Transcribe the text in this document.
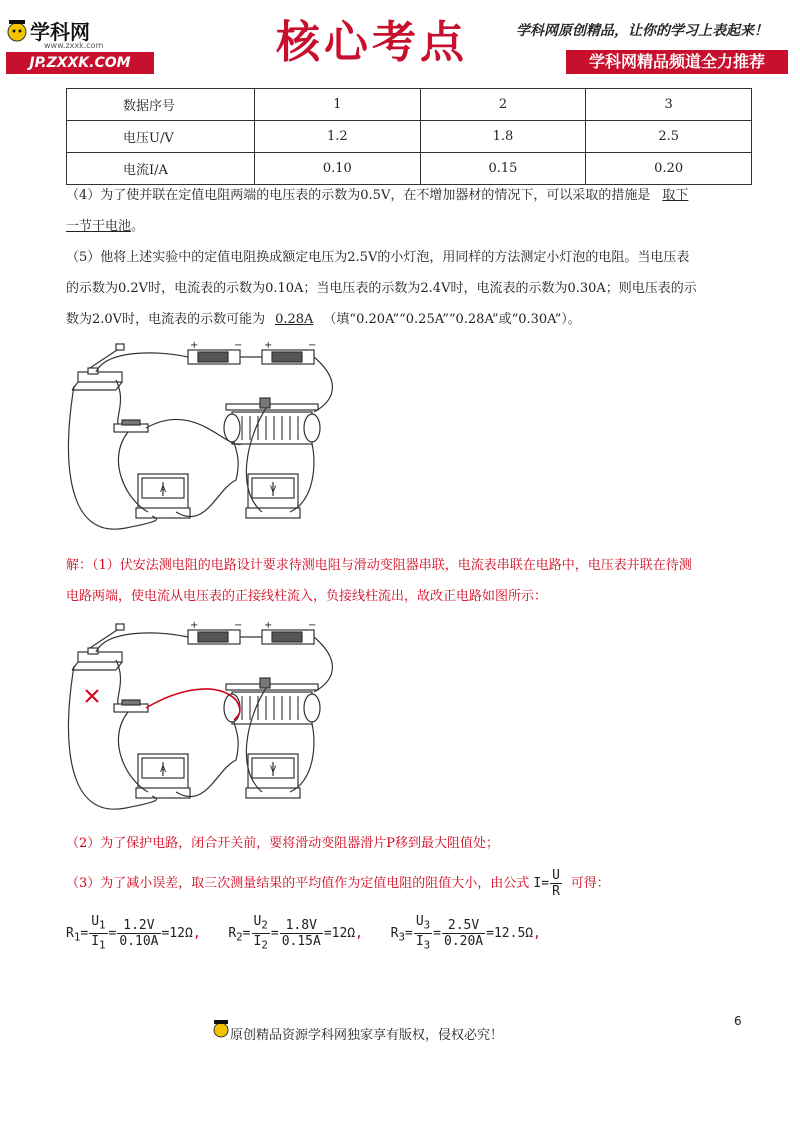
学科网
www.zxxk.com
JP.ZXXK.COM	核心考点	学科网原创精品，让你的学习上表起来！
学科网精品频道全力推荐
数据序号	1	2	3
电压U/V	1.2	1.8	2.5
电流I/A	0.10	0.15	0.20
（4）为了使并联在定值电阻两端的电压表的示数为0.5V，在不增加器材的情况下，可以采取的措施是 取下
一节干电池。
（5）他将上述实验中的定值电阻换成额定电压为2.5V的小灯泡，用同样的方法测定小灯泡的电阻。当电压表
的示数为0.2V时，电流表的示数为0.10A；当电压表的示数为2.4V时，电流表的示数为0.30A；则电压表的示
数为2.0V时，电流表的示数可能为 0.28A （填“0.20A”“0.25A”“0.28A”或“0.30A”）。
+	− +	−
A	V
解：（1）伏安法测电阻的电路设计要求待测电阻与滑动变阻器串联，电流表串联在电路中，电压表并联在待测
电路两端，使电流从电压表的正接线柱流入，负接线柱流出，故改正电路如图所示：
+	− +	−
A	V
（2）为了保护电路，闭合开关前，要将滑动变阻器滑片P移到最大阻值处；
（3）为了减小误差，取三次测量结果的平均值作为定值电阻的阻值大小，由公式 $I= \frac{U}{R}$ 可得：
$R_1= \frac{U_1}{I_1} = \frac{1.2V}{0.10A} =12\Omega$, $R_2= \frac{U_2}{I_2} = \frac{1.8V}{0.15A} =12\Omega$, $R_3= \frac{U_3}{I_3} = \frac{2.5V}{0.20A} =12.5\Omega$,
6
原创精品资源学科网独家享有版权，侵权必究！
